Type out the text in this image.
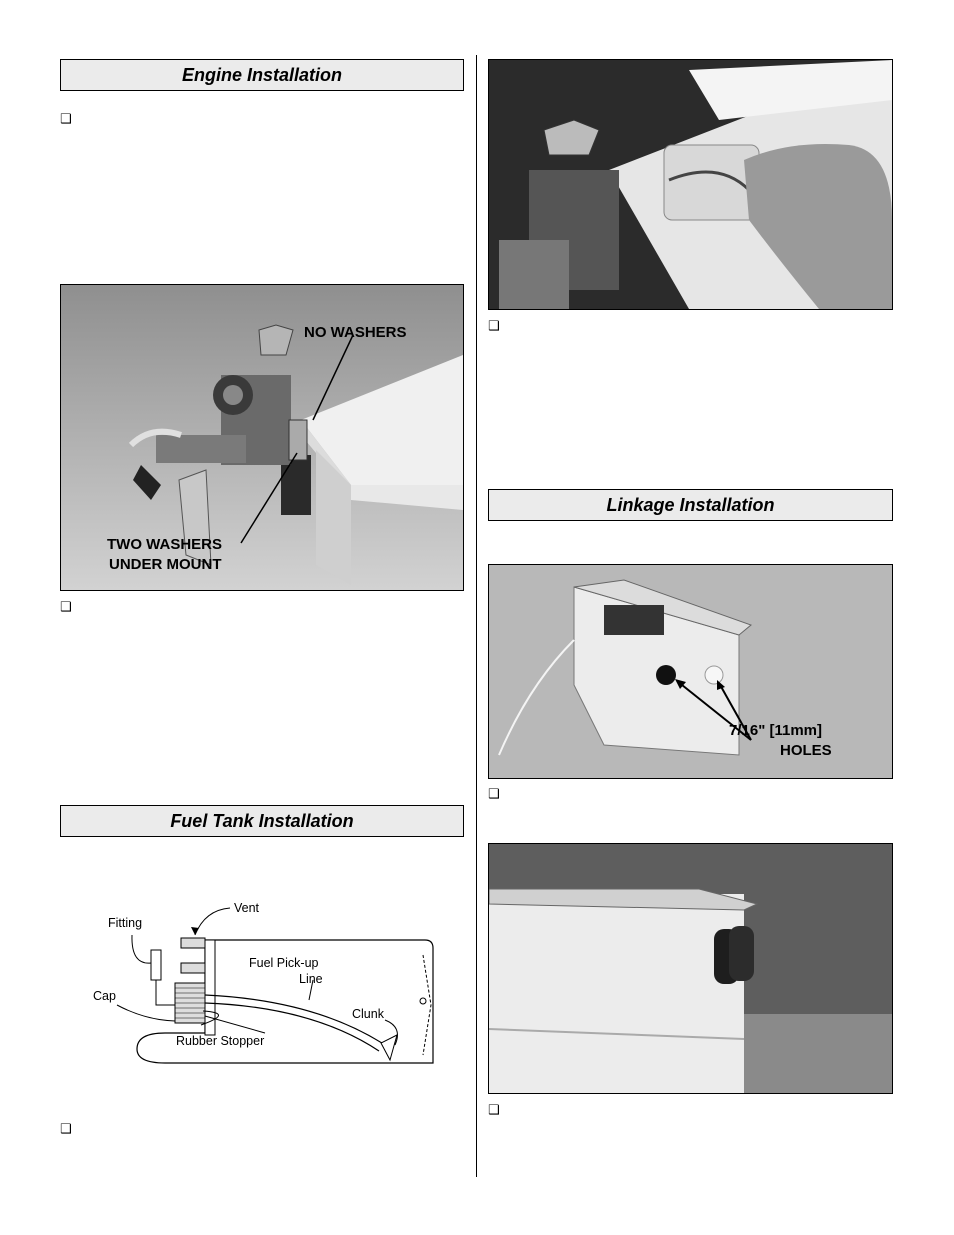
Engine Installation
❑
NO WASHERS
TWO WASHERS
UNDER MOUNT
❑
Fuel Tank Installation
Vent
Fitting
Fuel Pick-up
Line
Cap
Clunk
Rubber Stopper
❑
❑
Linkage Installation
7/16" [11mm]
HOLES
❑
❑
